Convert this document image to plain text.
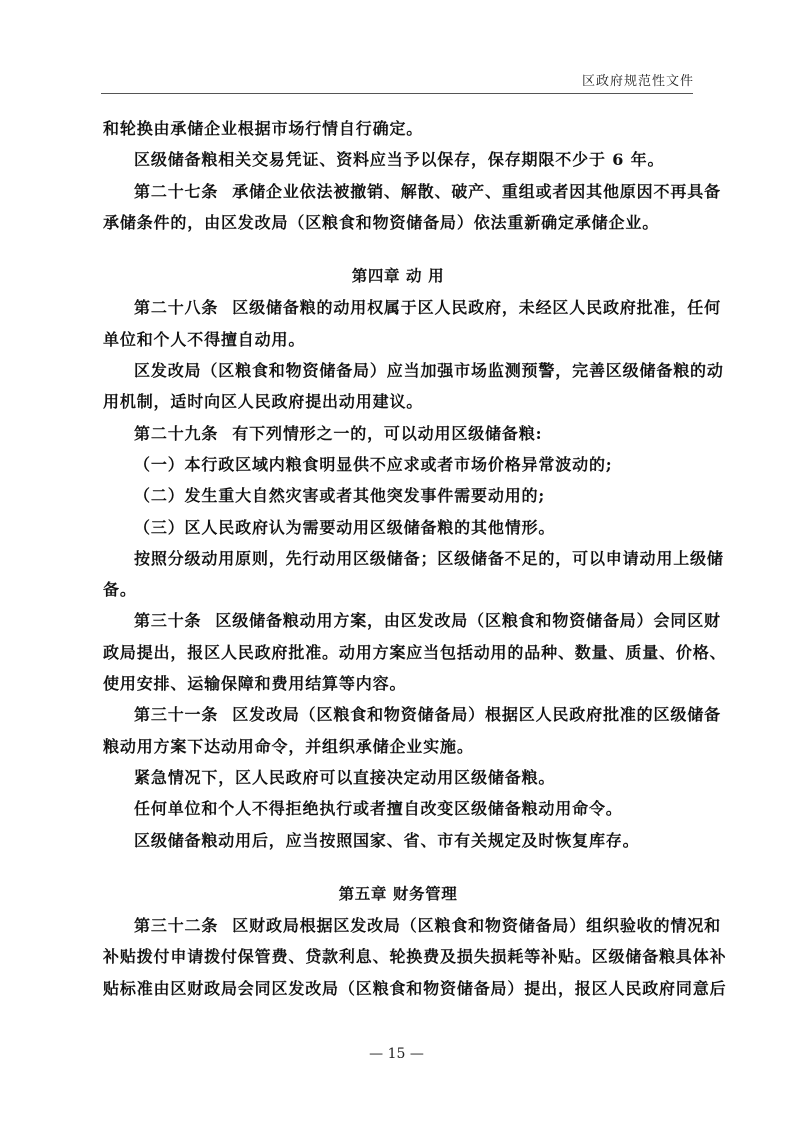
区政府规范性文件
和轮换由承储企业根据市场行情自行确定。
区级储备粮相关交易凭证、资料应当予以保存，保存期限不少于 6 年。
第二十七条 承储企业依法被撤销、解散、破产、重组或者因其他原因不再具备
承储条件的，由区发改局（区粮食和物资储备局）依法重新确定承储企业。
第四章 动 用
第二十八条 区级储备粮的动用权属于区人民政府，未经区人民政府批准，任何
单位和个人不得擅自动用。
区发改局（区粮食和物资储备局）应当加强市场监测预警，完善区级储备粮的动
用机制，适时向区人民政府提出动用建议。
第二十九条 有下列情形之一的，可以动用区级储备粮:
（一）本行政区域内粮食明显供不应求或者市场价格异常波动的;
（二）发生重大自然灾害或者其他突发事件需要动用的;
（三）区人民政府认为需要动用区级储备粮的其他情形。
按照分级动用原则，先行动用区级储备；区级储备不足的，可以申请动用上级储
备。
第三十条 区级储备粮动用方案，由区发改局（区粮食和物资储备局）会同区财
政局提出，报区人民政府批准。动用方案应当包括动用的品种、数量、质量、价格、
使用安排、运输保障和费用结算等内容。
第三十一条 区发改局（区粮食和物资储备局）根据区人民政府批准的区级储备
粮动用方案下达动用命令，并组织承储企业实施。
紧急情况下，区人民政府可以直接决定动用区级储备粮。
任何单位和个人不得拒绝执行或者擅自改变区级储备粮动用命令。
区级储备粮动用后，应当按照国家、省、市有关规定及时恢复库存。
第五章 财务管理
第三十二条 区财政局根据区发改局（区粮食和物资储备局）组织验收的情况和
补贴拨付申请拨付保管费、贷款利息、轮换费及损失损耗等补贴。区级储备粮具体补
贴标准由区财政局会同区发改局（区粮食和物资储备局）提出，报区人民政府同意后
— 15 —
